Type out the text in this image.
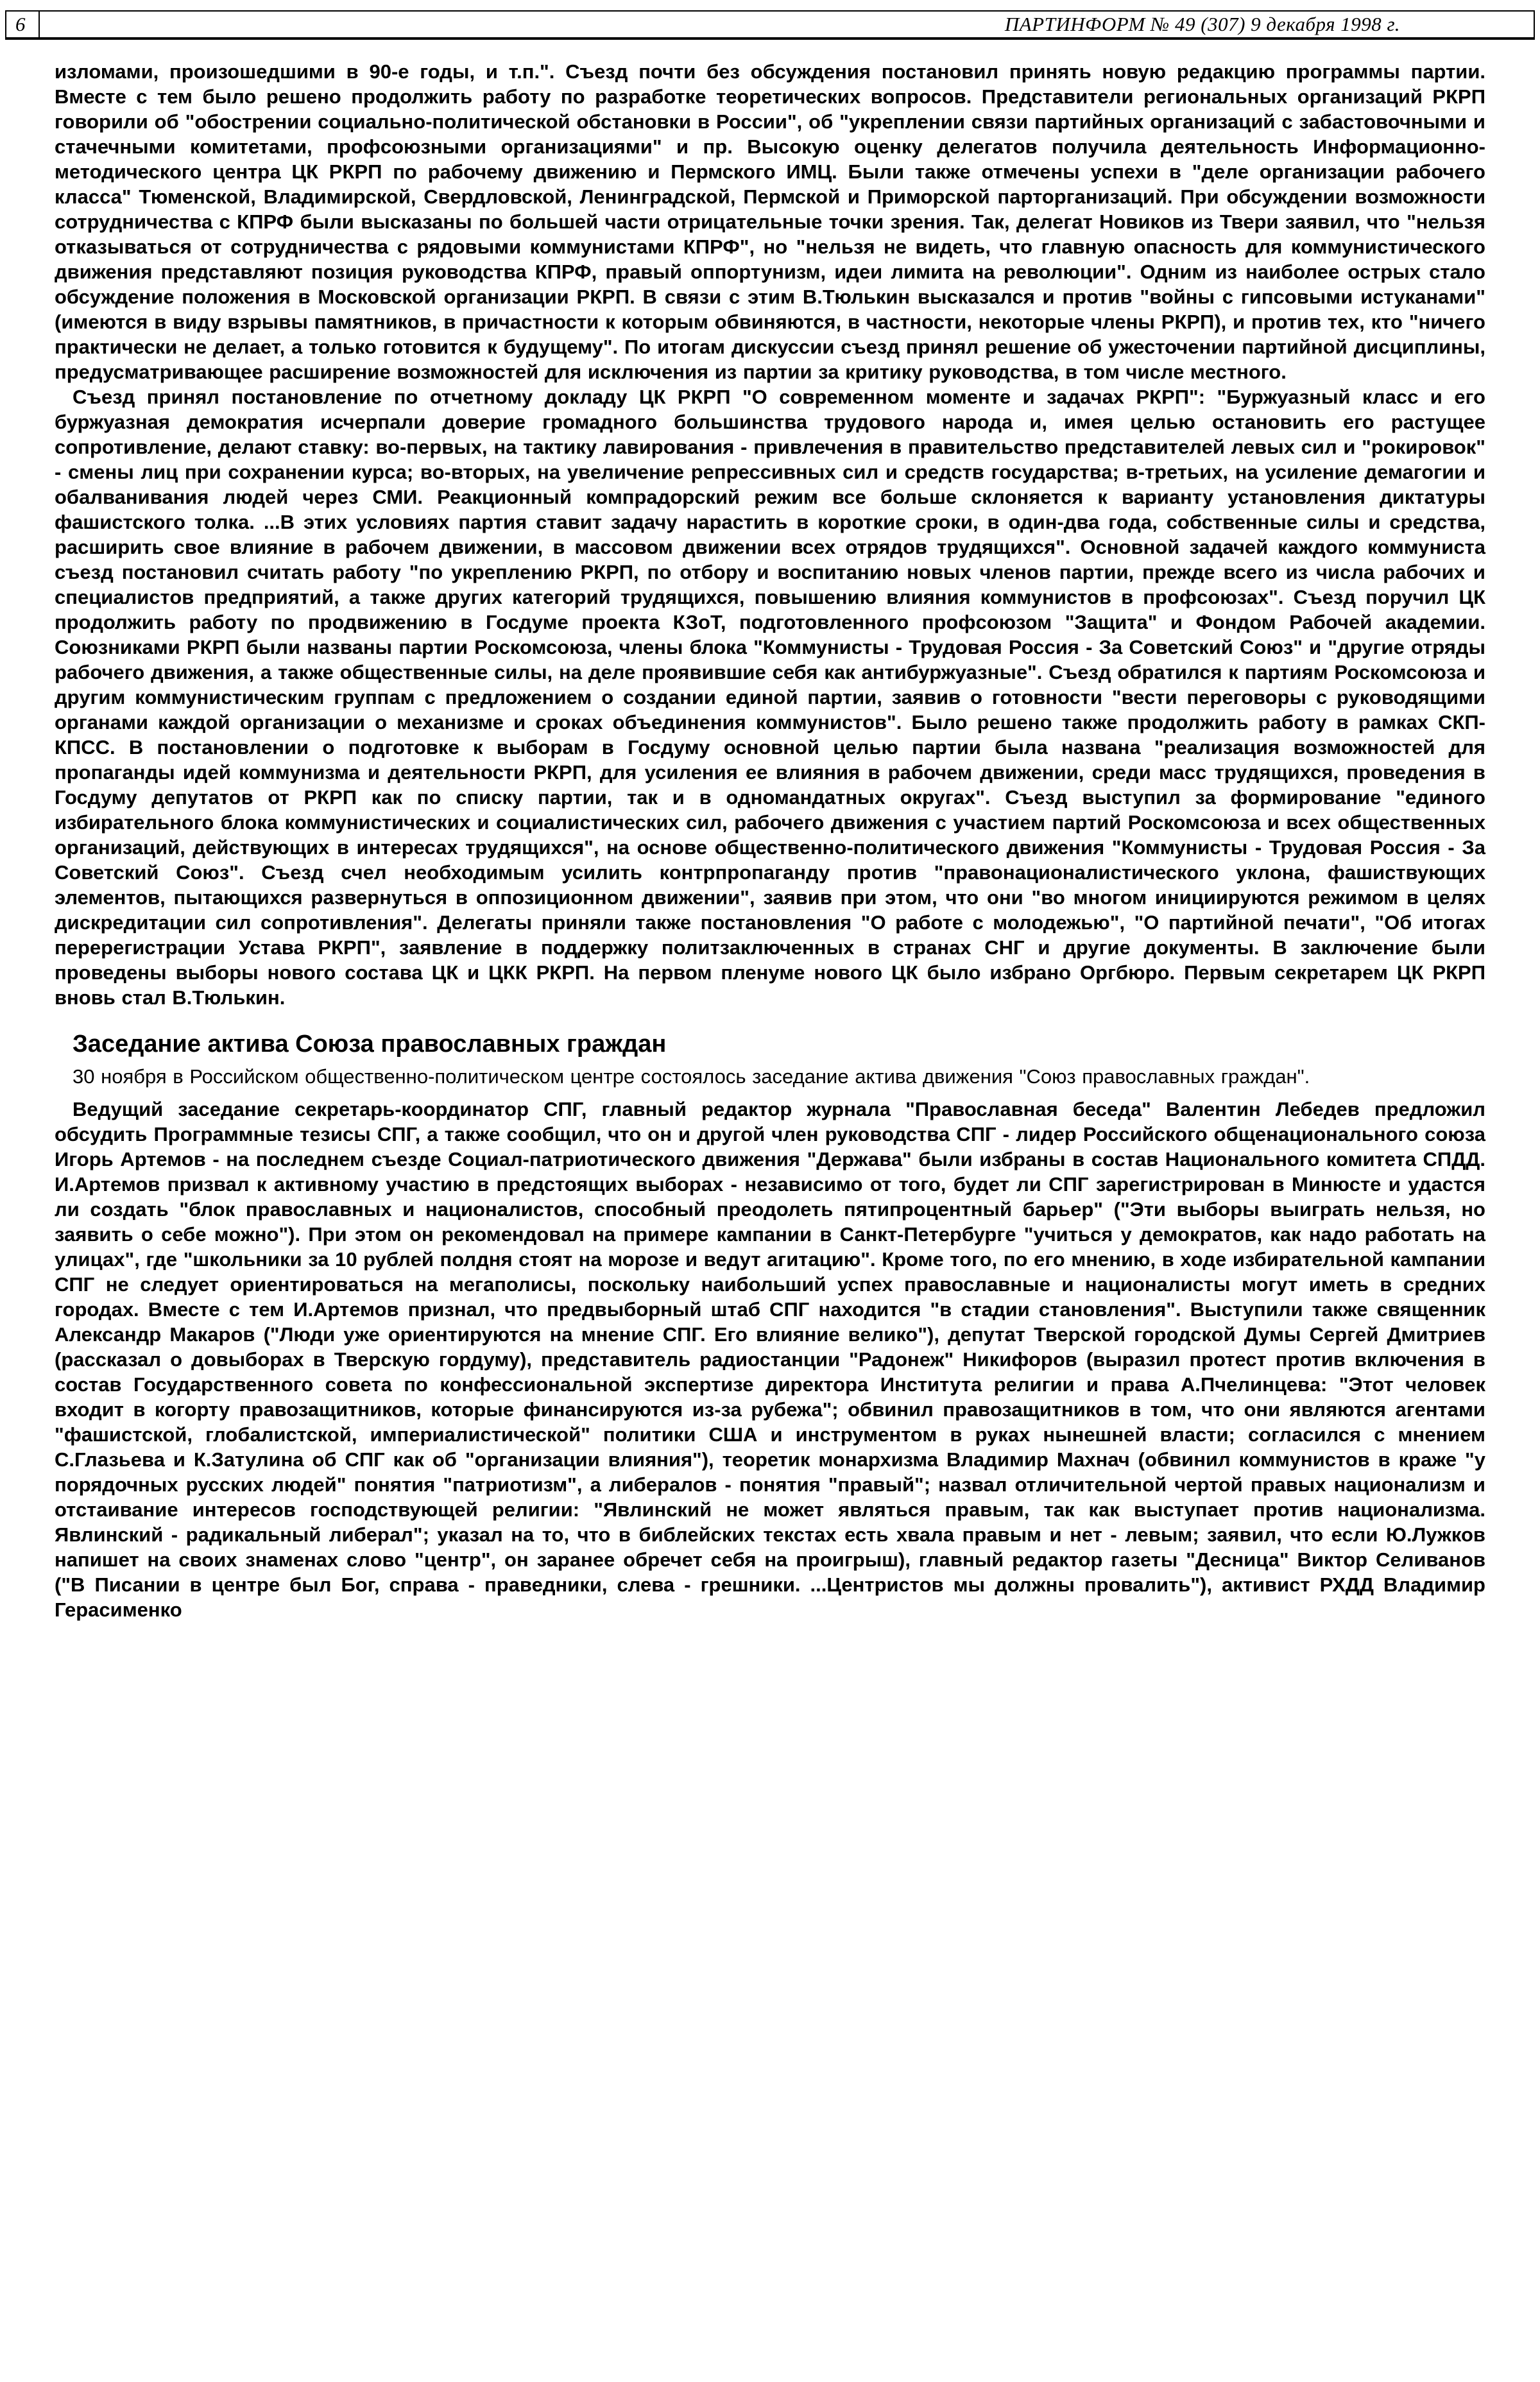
6	ПАРТИНФОРМ № 49 (307) 9 декабря 1998 г.

изломами, произошедшими в 90-е годы, и т.п.". Съезд почти без обсуждения постановил принять новую редакцию программы партии. Вместе с тем было решено продолжить работу по разработке теоретических вопросов. Представители региональных организаций РКРП говорили об "обострении социально-политической обстановки в России", об "укреплении связи партийных организаций с забастовочными и стачечными комитетами, профсоюзными организациями" и пр. Высокую оценку делегатов получила деятельность Информационно-методического центра ЦК РКРП по рабочему движению и Пермского ИМЦ. Были также отмечены успехи в "деле организации рабочего класса" Тюменской, Владимирской, Свердловской, Ленинградской, Пермской и Приморской парторганизаций. При обсуждении возможности сотрудничества с КПРФ были высказаны по большей части отрицательные точки зрения. Так, делегат Новиков из Твери заявил, что "нельзя отказываться от сотрудничества с рядовыми коммунистами КПРФ", но "нельзя не видеть, что главную опасность для коммунистического движения представляют позиция руководства КПРФ, правый оппортунизм, идеи лимита на революции". Одним из наиболее острых стало обсуждение положения в Московской организации РКРП. В связи с этим В.Тюлькин высказался и против "войны с гипсовыми истуканами" (имеются в виду взрывы памятников, в причастности к которым обвиняются, в частности, некоторые члены РКРП), и против тех, кто "ничего практически не делает, а только готовится к будущему". По итогам дискуссии съезд принял решение об ужесточении партийной дисциплины, предусматривающее расширение возможностей для исключения из партии за критику руководства, в том числе местного.

Съезд принял постановление по отчетному докладу ЦК РКРП "О современном моменте и задачах РКРП": "Буржуазный класс и его буржуазная демократия исчерпали доверие громадного большинства трудового народа и, имея целью остановить его растущее сопротивление, делают ставку: во-первых, на тактику лавирования - привлечения в правительство представителей левых сил и "рокировок" - смены лиц при сохранении курса; во-вторых, на увеличение репрессивных сил и средств государства; в-третьих, на усиление демагогии и обалванивания людей через СМИ. Реакционный компрадорский режим все больше склоняется к варианту установления диктатуры фашистского толка. ...В этих условиях партия ставит задачу нарастить в короткие сроки, в один-два года, собственные силы и средства, расширить свое влияние в рабочем движении, в массовом движении всех отрядов трудящихся". Основной задачей каждого коммуниста съезд постановил считать работу "по укреплению РКРП, по отбору и воспитанию новых членов партии, прежде всего из числа рабочих и специалистов предприятий, а также других категорий трудящихся, повышению влияния коммунистов в профсоюзах". Съезд поручил ЦК продолжить работу по продвижению в Госдуме проекта КЗоТ, подготовленного профсоюзом "Защита" и Фондом Рабочей академии. Союзниками РКРП были названы партии Роскомсоюза, члены блока "Коммунисты - Трудовая Россия - За Советский Союз" и "другие отряды рабочего движения, а также общественные силы, на деле проявившие себя как антибуржуазные". Съезд обратился к партиям Роскомсоюза и другим коммунистическим группам с предложением о создании единой партии, заявив о готовности "вести переговоры с руководящими органами каждой организации о механизме и сроках объединения коммунистов". Было решено также продолжить работу в рамках СКП-КПСС. В постановлении о подготовке к выборам в Госдуму основной целью партии была названа "реализация возможностей для пропаганды идей коммунизма и деятельности РКРП, для усиления ее влияния в рабочем движении, среди масс трудящихся, проведения в Госдуму депутатов от РКРП как по списку партии, так и в одномандатных округах". Съезд выступил за формирование "единого избирательного блока коммунистических и социалистических сил, рабочего движения с участием партий Роскомсоюза и всех общественных организаций, действующих в интересах трудящихся", на основе общественно-политического движения "Коммунисты - Трудовая Россия - За Советский Союз". Съезд счел необходимым усилить контрпропаганду против "правонационалистического уклона, фашиствующих элементов, пытающихся развернуться в оппозиционном движении", заявив при этом, что они "во многом инициируются режимом в целях дискредитации сил сопротивления". Делегаты приняли также постановления "О работе с молодежью", "О партийной печати", "Об итогах перерегистрации Устава РКРП", заявление в поддержку политзаключенных в странах СНГ и другие документы. В заключение были проведены выборы нового состава ЦК и ЦКК РКРП. На первом пленуме нового ЦК было избрано Оргбюро. Первым секретарем ЦК РКРП вновь стал В.Тюлькин.

Заседание актива Союза православных граждан

30 ноября в Российском общественно-политическом центре состоялось заседание актива движения "Союз православных граждан".

Ведущий заседание секретарь-координатор СПГ, главный редактор журнала "Православная беседа" Валентин Лебедев предложил обсудить Программные тезисы СПГ, а также сообщил, что он и другой член руководства СПГ - лидер Российского общенационального союза Игорь Артемов - на последнем съезде Социал-патриотического движения "Держава" были избраны в состав Национального комитета СПДД. И.Артемов призвал к активному участию в предстоящих выборах - независимо от того, будет ли СПГ зарегистрирован в Минюсте и удастся ли создать "блок православных и националистов, способный преодолеть пятипроцентный барьер" ("Эти выборы выиграть нельзя, но заявить о себе можно"). При этом он рекомендовал на примере кампании в Санкт-Петербурге "учиться у демократов, как надо работать на улицах", где "школьники за 10 рублей полдня стоят на морозе и ведут агитацию". Кроме того, по его мнению, в ходе избирательной кампании СПГ не следует ориентироваться на мегаполисы, поскольку наибольший успех православные и националисты могут иметь в средних городах. Вместе с тем И.Артемов признал, что предвыборный штаб СПГ находится "в стадии становления". Выступили также священник Александр Макаров ("Люди уже ориентируются на мнение СПГ. Его влияние велико"), депутат Тверской городской Думы Сергей Дмитриев (рассказал о довыборах в Тверскую гордуму), представитель радиостанции "Радонеж" Никифоров (выразил протест против включения в состав Государственного совета по конфессиональной экспертизе директора Института религии и права А.Пчелинцева: "Этот человек входит в когорту правозащитников, которые финансируются из-за рубежа"; обвинил правозащитников в том, что они являются агентами "фашистской, глобалистской, империалистической" политики США и инструментом в руках нынешней власти; согласился с мнением С.Глазьева и К.Затулина об СПГ как об "организации влияния"), теоретик монархизма Владимир Махнач (обвинил коммунистов в краже "у порядочных русских людей" понятия "патриотизм", а либералов - понятия "правый"; назвал отличительной чертой правых национализм и отстаивание интересов господствующей религии: "Явлинский не может являться правым, так как выступает против национализма. Явлинский - радикальный либерал"; указал на то, что в библейских текстах есть хвала правым и нет - левым; заявил, что если Ю.Лужков напишет на своих знаменах слово "центр", он заранее обречет себя на проигрыш), главный редактор газеты "Десница" Виктор Селиванов ("В Писании в центре был Бог, справа - праведники, слева - грешники. ...Центристов мы должны провалить"), активист РХДД Владимир Герасименко
